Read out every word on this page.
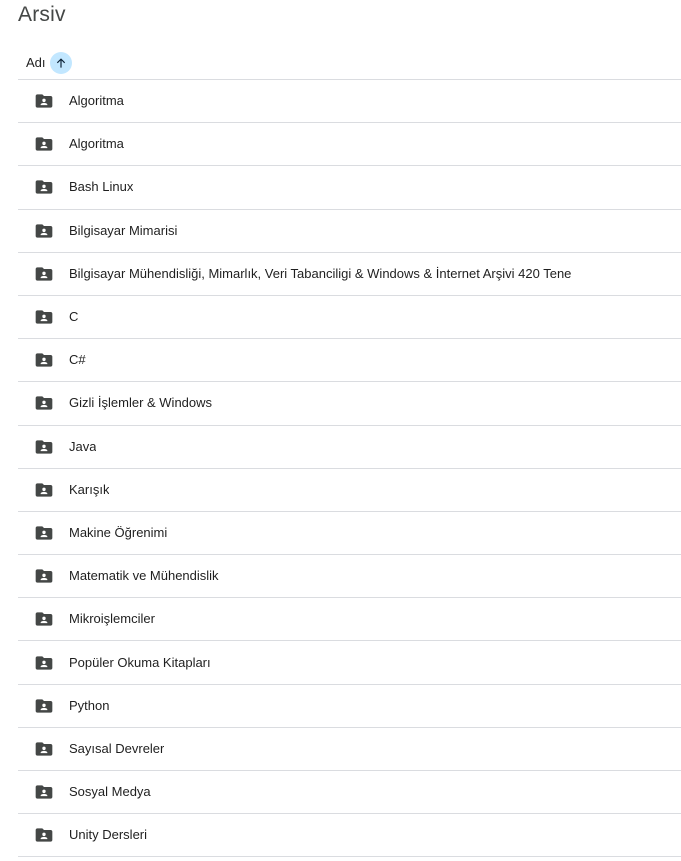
Arsiv
Adı
Algoritma
Algoritma
Bash Linux
Bilgisayar Mimarisi
Bilgisayar Mühendisliği, Mimarlık, Veri Tabanciligi & Windows & İnternet Arşivi 420 Tene
C
C#
Gizli İşlemler & Windows
Java
Karışık
Makine Öğrenimi
Matematik ve Mühendislik
Mikroişlemciler
Popüler Okuma Kitapları
Python
Sayısal Devreler
Sosyal Medya
Unity Dersleri
